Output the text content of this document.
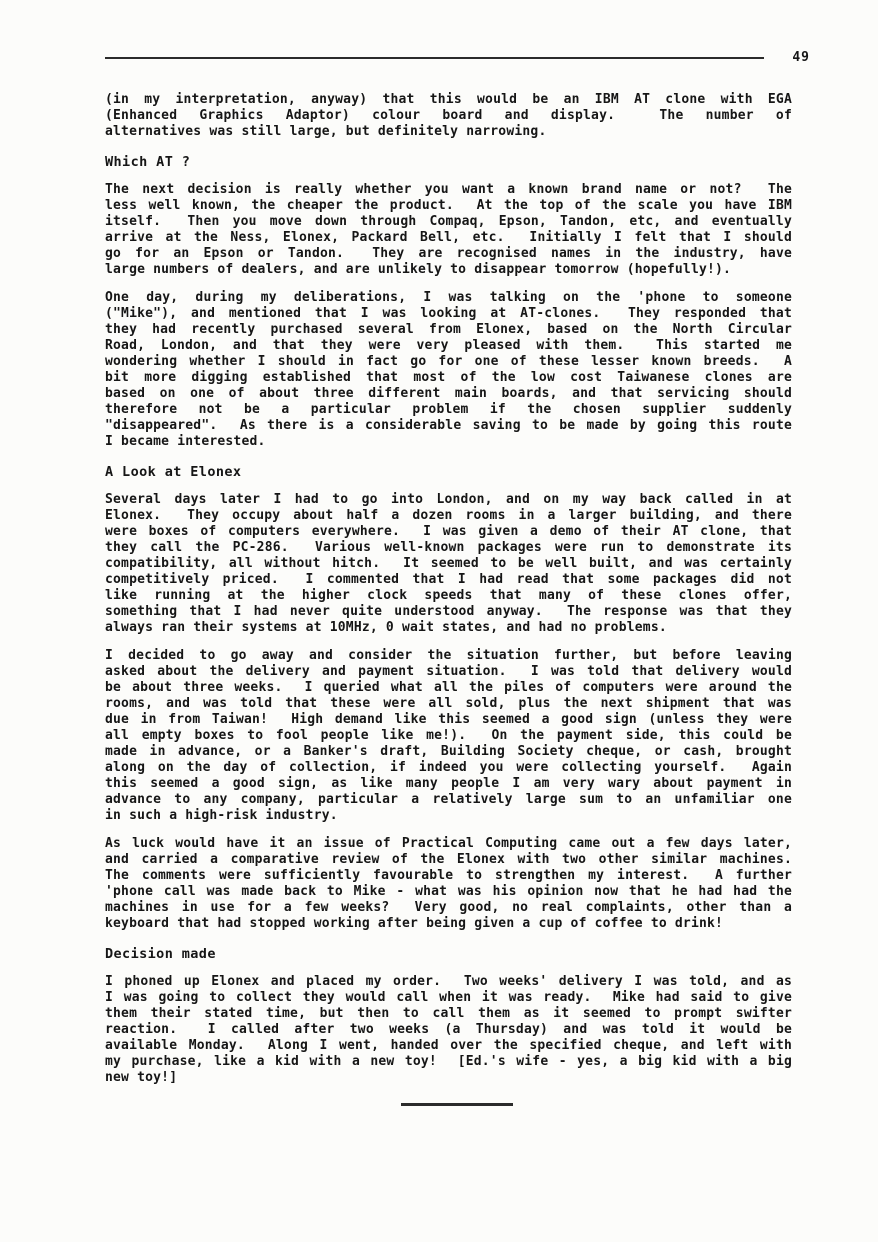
49
(in my interpretation, anyway) that this would be an IBM AT clone with EGA
(Enhanced Graphics Adaptor) colour board and display.  The number of
alternatives was still large, but definitely narrowing.
Which AT ?
The next decision is really whether you want a known brand name or not?  The
less well known, the cheaper the product.  At the top of the scale you have IBM
itself.  Then you move down through Compaq, Epson, Tandon, etc, and eventually
arrive at the Ness, Elonex, Packard Bell, etc.  Initially I felt that I should
go for an Epson or Tandon.  They are recognised names in the industry, have
large numbers of dealers, and are unlikely to disappear tomorrow (hopefully!).
One day, during my deliberations, I was talking on the 'phone to someone
("Mike"), and mentioned that I was looking at AT-clones.  They responded that
they had recently purchased several from Elonex, based on the North Circular
Road, London, and that they were very pleased with them.  This started me
wondering whether I should in fact go for one of these lesser known breeds.  A
bit more digging established that most of the low cost Taiwanese clones are
based on one of about three different main boards, and that servicing should
therefore not be a particular problem if the chosen supplier suddenly
"disappeared".  As there is a considerable saving to be made by going this route
I became interested.
A Look at Elonex
Several days later I had to go into London, and on my way back called in at
Elonex.  They occupy about half a dozen rooms in a larger building, and there
were boxes of computers everywhere.  I was given a demo of their AT clone, that
they call the PC-286.  Various well-known packages were run to demonstrate its
compatibility, all without hitch.  It seemed to be well built, and was certainly
competitively priced.  I commented that I had read that some packages did not
like running at the higher clock speeds that many of these clones offer,
something that I had never quite understood anyway.  The response was that they
always ran their systems at 10MHz, 0 wait states, and had no problems.
I decided to go away and consider the situation further, but before leaving
asked about the delivery and payment situation.  I was told that delivery would
be about three weeks.  I queried what all the piles of computers were around the
rooms, and was told that these were all sold, plus the next shipment that was
due in from Taiwan!  High demand like this seemed a good sign (unless they were
all empty boxes to fool people like me!).  On the payment side, this could be
made in advance, or a Banker's draft, Building Society cheque, or cash, brought
along on the day of collection, if indeed you were collecting yourself.  Again
this seemed a good sign, as like many people I am very wary about payment in
advance to any company, particular a relatively large sum to an unfamiliar one
in such a high-risk industry.
As luck would have it an issue of Practical Computing came out a few days later,
and carried a comparative review of the Elonex with two other similar machines.
The comments were sufficiently favourable to strengthen my interest.  A further
'phone call was made back to Mike - what was his opinion now that he had had the
machines in use for a few weeks?  Very good, no real complaints, other than a
keyboard that had stopped working after being given a cup of coffee to drink!
Decision made
I phoned up Elonex and placed my order.  Two weeks' delivery I was told, and as
I was going to collect they would call when it was ready.  Mike had said to give
them their stated time, but then to call them as it seemed to prompt swifter
reaction.  I called after two weeks (a Thursday) and was told it would be
available Monday.  Along I went, handed over the specified cheque, and left with
my purchase, like a kid with a new toy!  [Ed.'s wife - yes, a big kid with a big
new toy!]
